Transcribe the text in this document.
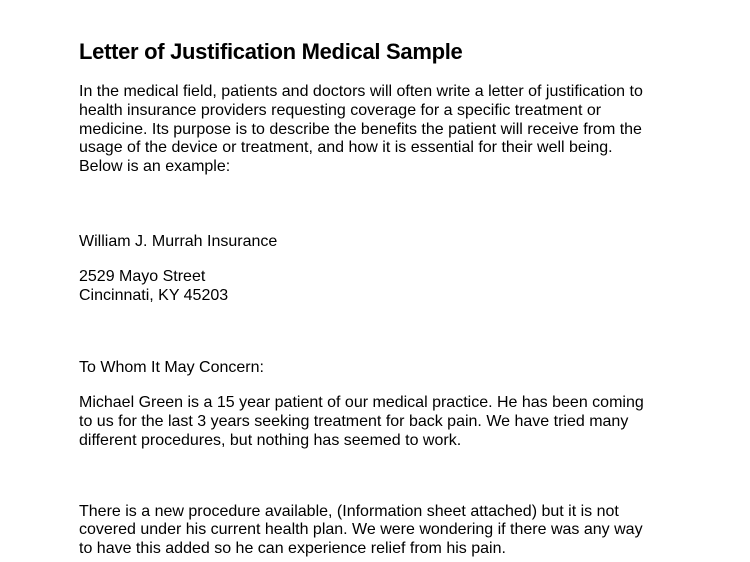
Letter of Justification Medical Sample

In the medical field, patients and doctors will often write a letter of justification to
health insurance providers requesting coverage for a specific treatment or
medicine. Its purpose is to describe the benefits the patient will receive from the
usage of the device or treatment, and how it is essential for their well being.
Below is an example:

William J. Murrah Insurance

2529 Mayo Street
Cincinnati, KY 45203

To Whom It May Concern:

Michael Green is a 15 year patient of our medical practice. He has been coming
to us for the last 3 years seeking treatment for back pain. We have tried many
different procedures, but nothing has seemed to work.

There is a new procedure available, (Information sheet attached) but it is not
covered under his current health plan. We were wondering if there was any way
to have this added so he can experience relief from his pain.
